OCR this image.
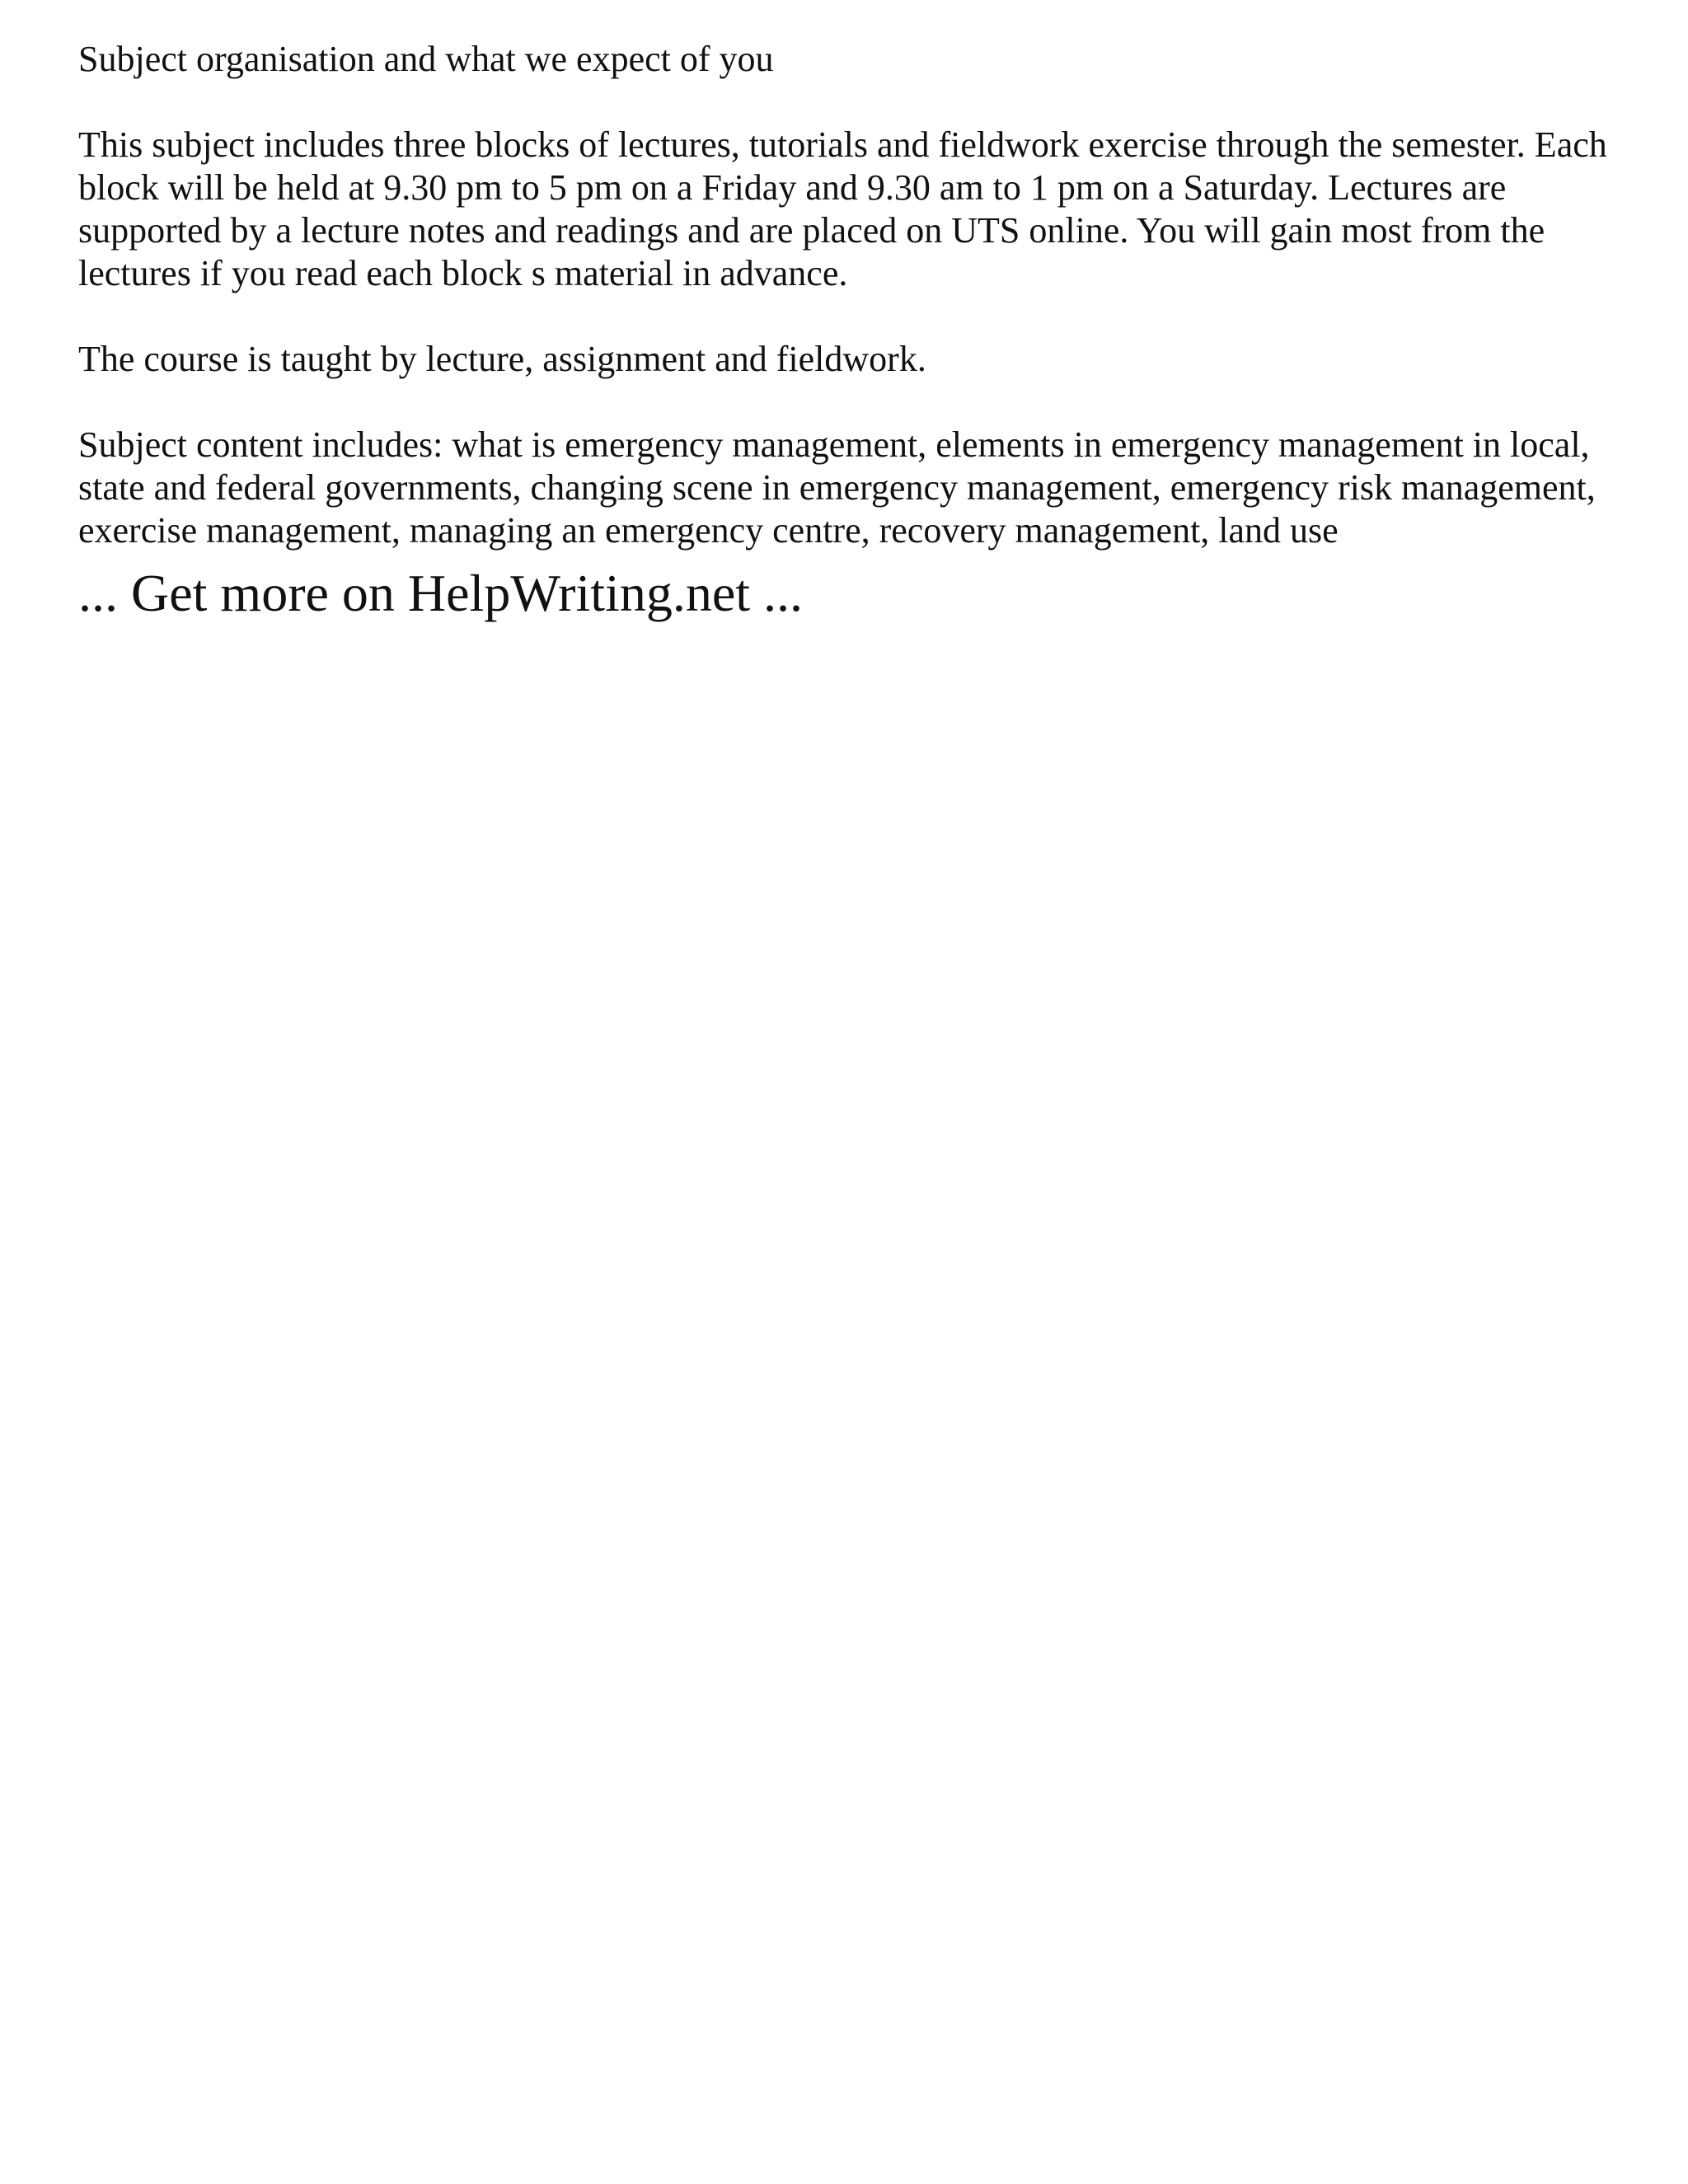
Subject organisation and what we expect of you

This subject includes three blocks of lectures, tutorials and fieldwork exercise through the semester. Each block will be held at 9.30 pm to 5 pm on a Friday and 9.30 am to 1 pm on a Saturday. Lectures are supported by a lecture notes and readings and are placed on UTS online. You will gain most from the lectures if you read each block s material in advance.

The course is taught by lecture, assignment and fieldwork.

Subject content includes: what is emergency management, elements in emergency management in local, state and federal governments, changing scene in emergency management, emergency risk management, exercise management, managing an emergency centre, recovery management, land use

... Get more on HelpWriting.net ...
